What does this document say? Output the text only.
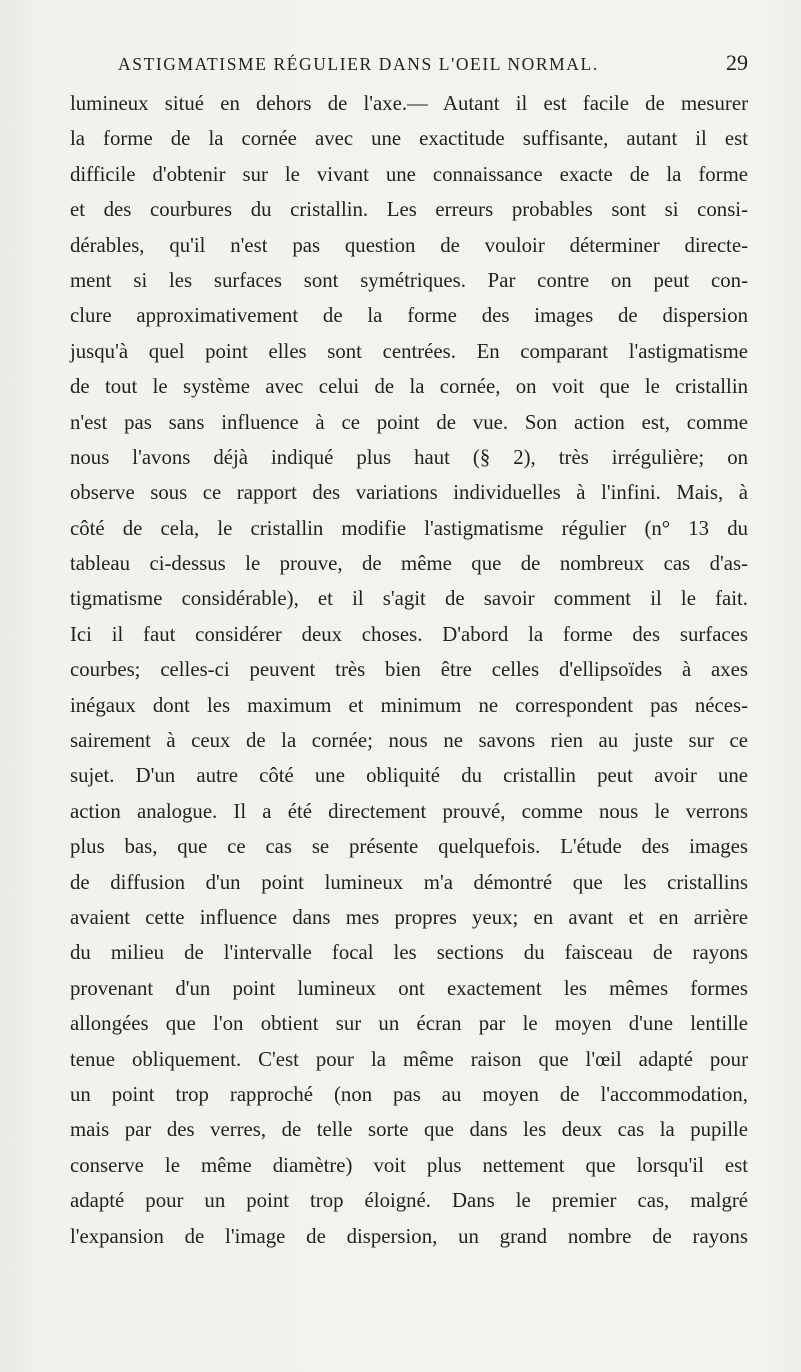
ASTIGMATISME RÉGULIER DANS L'OEIL NORMAL.	29
lumineux situé en dehors de l'axe.— Autant il est facile de mesurer
la forme de la cornée avec une exactitude suffisante, autant il est
difficile d'obtenir sur le vivant une connaissance exacte de la forme
et des courbures du cristallin. Les erreurs probables sont si consi-
dérables, qu'il n'est pas question de vouloir déterminer directe-
ment si les surfaces sont symétriques. Par contre on peut con-
clure approximativement de la forme des images de dispersion
jusqu'à quel point elles sont centrées. En comparant l'astigmatisme
de tout le système avec celui de la cornée, on voit que le cristallin
n'est pas sans influence à ce point de vue. Son action est, comme
nous l'avons déjà indiqué plus haut (§ 2), très irrégulière; on
observe sous ce rapport des variations individuelles à l'infini. Mais, à
côté de cela, le cristallin modifie l'astigmatisme régulier (n° 13 du
tableau ci-dessus le prouve, de même que de nombreux cas d'as-
tigmatisme considérable), et il s'agit de savoir comment il le fait.
Ici il faut considérer deux choses. D'abord la forme des surfaces
courbes; celles-ci peuvent très bien être celles d'ellipsoïdes à axes
inégaux dont les maximum et minimum ne correspondent pas néces-
sairement à ceux de la cornée; nous ne savons rien au juste sur ce
sujet. D'un autre côté une obliquité du cristallin peut avoir une
action analogue. Il a été directement prouvé, comme nous le verrons
plus bas, que ce cas se présente quelquefois. L'étude des images
de diffusion d'un point lumineux m'a démontré que les cristallins
avaient cette influence dans mes propres yeux; en avant et en arrière
du milieu de l'intervalle focal les sections du faisceau de rayons
provenant d'un point lumineux ont exactement les mêmes formes
allongées que l'on obtient sur un écran par le moyen d'une lentille
tenue obliquement. C'est pour la même raison que l'œil adapté pour
un point trop rapproché (non pas au moyen de l'accommodation,
mais par des verres, de telle sorte que dans les deux cas la pupille
conserve le même diamètre) voit plus nettement que lorsqu'il est
adapté pour un point trop éloigné. Dans le premier cas, malgré
l'expansion de l'image de dispersion, un grand nombre de rayons
